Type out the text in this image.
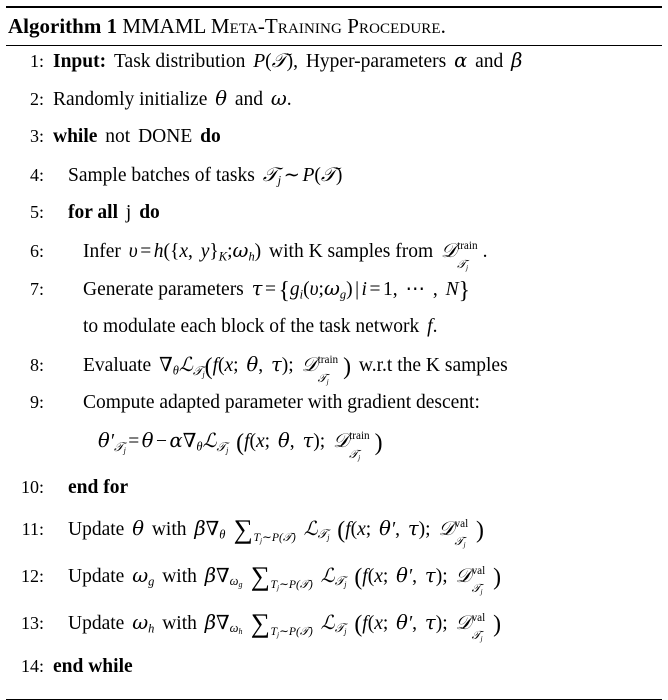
Algorithm 1 MMAML Meta-Training Procedure.
1: Input: Task distribution P(𝒯), Hyper-parameters α and β
2: Randomly initialize θ and ω.
3: while not DONE do
4:	Sample batches of tasks 𝒯$_j$ ∼ P(𝒯)
5:	for all j do
6:	Infer υ = h({x, $y\}_K;\omega_h$) with K samples from 𝒟 train
𝒯$_j$
.
7:	Generate parameters $\tau = \{g_i(\upsilon;\omega_g)$ | i = 1, ⋯ , N}
to modulate each block of the task network f.
8:	Evaluate $\nabla_\theta ℒ_{𝒯_j}(f(x$; θ, τ); 𝒟 train
𝒯$_j$
) w.r.t the K samples
9:	Compute adapted parameter with gradient descent:
$\theta'_{𝒯_j} = \theta$ − $\alpha\nabla_\theta ℒ_{𝒯_j}$ (f(x; θ, τ); 𝒟 train
𝒯$_j$
)
10:	end for
11:	Update θ with $\beta\nabla_\theta$ $\sum_{T_j\sim P(𝒯)}$ ℒ$_{𝒯_j}$ (f(x; θ′, τ); 𝒟 val
𝒯$_j$
)
12:	Update $\omega_g$ with $\beta\nabla_{\omega_g}$ $\sum_{T_j\sim P(𝒯)}$ ℒ$_{𝒯_j}$ (f(x; θ′, τ); 𝒟 val
𝒯$_j$
)
13:	Update $\omega_h$ with $\beta\nabla_{\omega_h}$ $\sum_{T_j\sim P(𝒯)}$ ℒ$_{𝒯_j}$ (f(x; θ′, τ); 𝒟 val
𝒯$_j$
)
14: end while
